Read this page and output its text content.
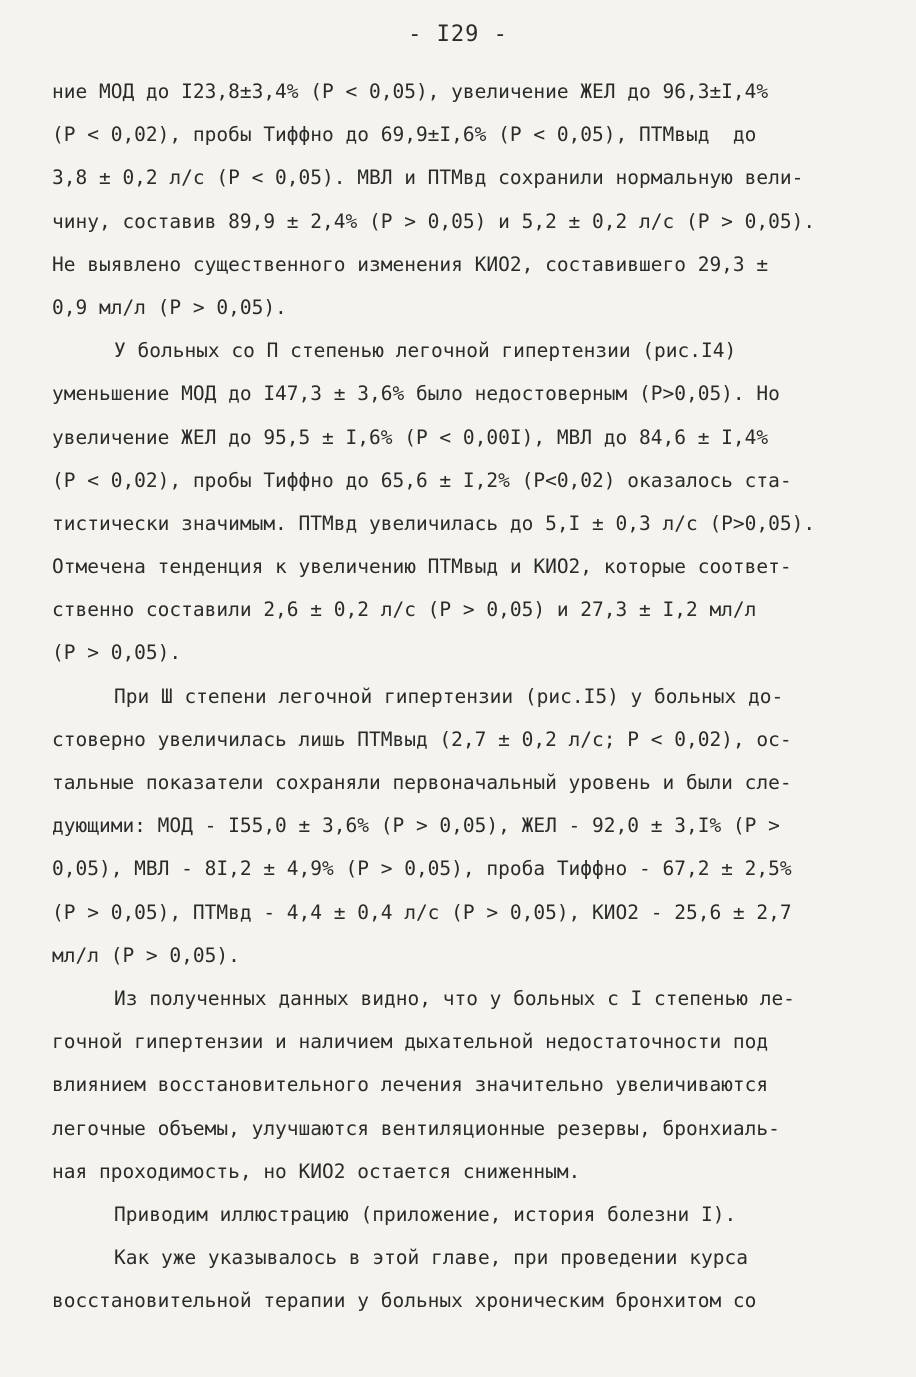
- I29 -
ние МОД до I23,8±3,4% (P < 0,05), увеличение ЖЕЛ до 96,3±I,4%
(P < 0,02), пробы Тиффно до 69,9±I,6% (P < 0,05), ПТМвыд  до
3,8 ± 0,2 л/с (P < 0,05). МВЛ и ПТМвд сохранили нормальную вели-
чину, составив 89,9 ± 2,4% (P > 0,05) и 5,2 ± 0,2 л/с (P > 0,05).
Не выявлено существенного изменения КИО2, составившего 29,3 ±
0,9 мл/л (P > 0,05).
У больных со П степенью легочной гипертензии (рис.I4)
уменьшение МОД до I47,3 ± 3,6% было недостоверным (P>0,05). Но
увеличение ЖЕЛ до 95,5 ± I,6% (P < 0,00I), МВЛ до 84,6 ± I,4%
(P < 0,02), пробы Тиффно до 65,6 ± I,2% (P<0,02) оказалось ста-
тистически значимым. ПТМвд увеличилась до 5,I ± 0,3 л/с (P>0,05).
Отмечена тенденция к увеличению ПТМвыд и КИО2, которые соответ-
ственно составили 2,6 ± 0,2 л/с (P > 0,05) и 27,3 ± I,2 мл/л
(P > 0,05).
При Ш степени легочной гипертензии (рис.I5) у больных до-
стоверно увеличилась лишь ПТМвыд (2,7 ± 0,2 л/с; P < 0,02), ос-
тальные показатели сохраняли первоначальный уровень и были сле-
дующими: МОД - I55,0 ± 3,6% (P > 0,05), ЖЕЛ - 92,0 ± 3,I% (P >
0,05), МВЛ - 8I,2 ± 4,9% (P > 0,05), проба Тиффно - 67,2 ± 2,5%
(P > 0,05), ПТМвд - 4,4 ± 0,4 л/с (P > 0,05), КИО2 - 25,6 ± 2,7
мл/л (P > 0,05).
Из полученных данных видно, что у больных с I степенью ле-
гочной гипертензии и наличием дыхательной недостаточности под
влиянием восстановительного лечения значительно увеличиваются
легочные объемы, улучшаются вентиляционные резервы, бронхиаль-
ная проходимость, но КИО2 остается сниженным.
Приводим иллюстрацию (приложение, история болезни I).
Как уже указывалось в этой главе, при проведении курса
восстановительной терапии у больных хроническим бронхитом со
